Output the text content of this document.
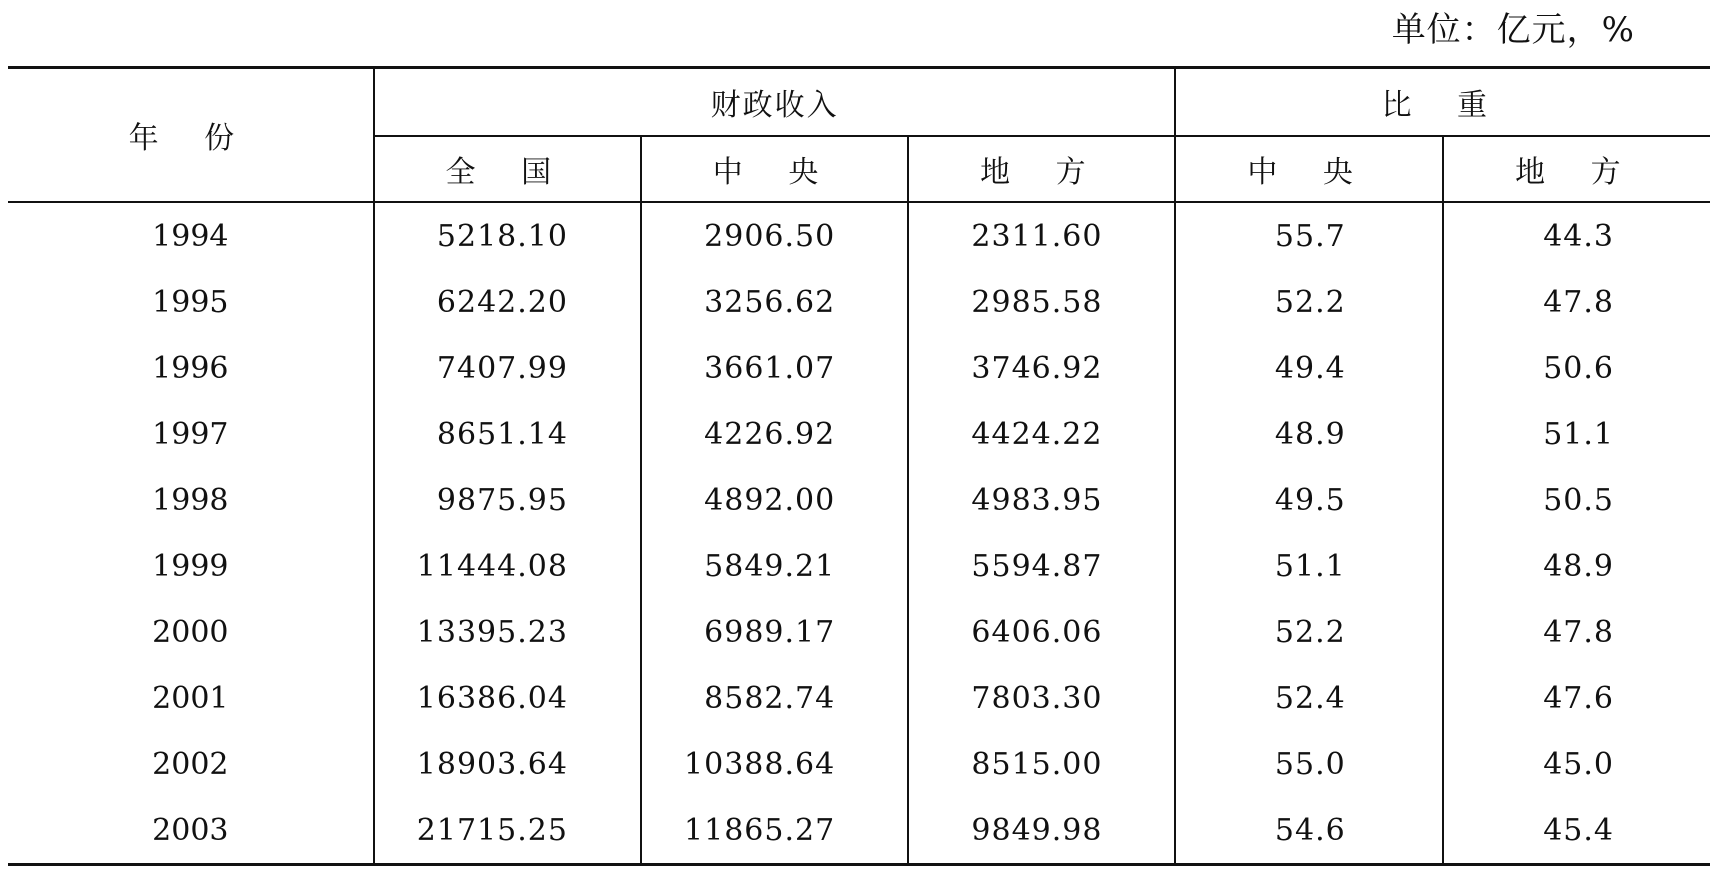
单位：亿元，%
年 份	财政收入			比 重	
	全 国	中 央	地 方	中 央	地 方
1994	5218.10	2906.50	2311.60	55.7	44.3
1995	6242.20	3256.62	2985.58	52.2	47.8
1996	7407.99	3661.07	3746.92	49.4	50.6
1997	8651.14	4226.92	4424.22	48.9	51.1
1998	9875.95	4892.00	4983.95	49.5	50.5
1999	11444.08	5849.21	5594.87	51.1	48.9
2000	13395.23	6989.17	6406.06	52.2	47.8
2001	16386.04	8582.74	7803.30	52.4	47.6
2002	18903.64	10388.64	8515.00	55.0	45.0
2003	21715.25	11865.27	9849.98	54.6	45.4
